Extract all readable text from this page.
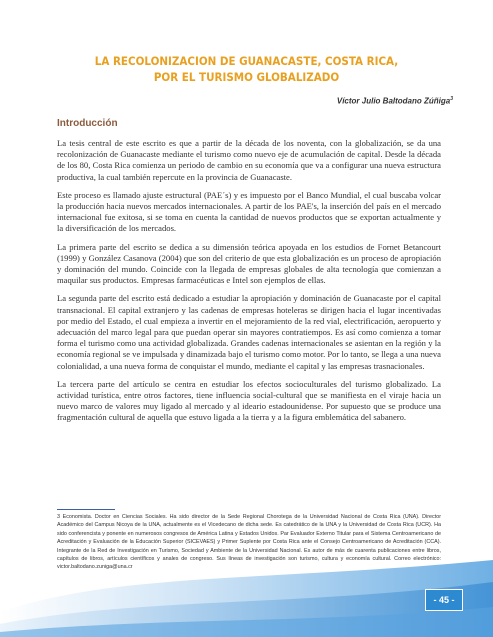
LA RECOLONIZACION DE GUANACASTE, COSTA RICA,
POR EL TURISMO GLOBALIZADO
Víctor Julio Baltodano Zúñiga$^3$
Introducción

La tesis central de este escrito es que a partir de la década de los noventa, con la globalización, se da una recolonización de Guanacaste mediante el turismo como nuevo eje de acumulación de capital. Desde la década de los 80, Costa Rica comienza un periodo de cambio en su economía que va a configurar una nueva estructura productiva, la cual también repercute en la provincia de Guanacaste.

Este proceso es llamado ajuste estructural (PAE´s) y es impuesto por el Banco Mundial, el cual buscaba volcar la producción hacia nuevos mercados internacionales. A partir de los PAE's, la inserción del país en el mercado internacional fue exitosa, si se toma en cuenta la cantidad de nuevos productos que se exportan actualmente y la diversificación de los mercados.

La primera parte del escrito se dedica a su dimensión teórica apoyada en los estudios de Fornet Betancourt (1999) y González Casanova (2004) que son del criterio de que esta globalización es un proceso de apropiación y dominación del mundo. Coincide con la llegada de empresas globales de alta tecnología que comienzan a maquilar sus productos. Empresas farmacéuticas e Intel son ejemplos de ellas.

La segunda parte del escrito está dedicado a estudiar la apropiación y dominación de Guanacaste por el capital transnacional. El capital extranjero y las cadenas de empresas hoteleras se dirigen hacia el lugar incentivadas por medio del Estado, el cual empieza a invertir en el mejoramiento de la red vial, electrificación, aeropuerto y adecuación del marco legal para que puedan operar sin mayores contratiempos. Es así como comienza a tomar forma el turismo como una actividad globalizada. Grandes cadenas internacionales se asientan en la región y la economía regional se ve impulsada y dinamizada bajo el turismo como motor. Por lo tanto, se llega a una nueva colonialidad, a una nueva forma de conquistar el mundo, mediante el capital y las empresas trasnacionales.

La tercera parte del artículo se centra en estudiar los efectos socioculturales del turismo globalizado. La actividad turística, entre otros factores, tiene influencia social-cultural que se manifiesta en el viraje hacia un nuevo marco de valores muy ligado al mercado y al ideario estadounidense. Por supuesto que se produce una fragmentación cultural de aquella que estuvo ligada a la tierra y a la figura emblemática del sabanero.

3 Economista. Doctor en Ciencias Sociales. Ha sido director de la Sede Regional Chorotega de la Universidad Nacional de Costa Rica (UNA). Director Académico del Campus Nicoya de la UNA, actualmente es el Vicedecano de dicha sede. Es catedrático de la UNA y la Universidad de Costa Rica (UCR). Ha sido conferencista y ponente en numerosos congresos de América Latina y Estados Unidos. Par Evaluador Externo Titular para el Sistema Centroamericano de Acreditación y Evaluación de la Educación Superior (SICEVAES) y Primer Suplente por Costa Rica ante el Consejo Centroamericano de Acreditación (CCA). Integrante de la Red de Investigación en Turismo, Sociedad y Ambiente de la Universidad Nacional. Es autor de más de cuarenta publicaciones entre libros, capítulos de libros, artículos científicos y anales de congreso. Sus líneas de investigación son turismo, cultura y economía cultural. Correo electrónico: victor.baltodano.zuniga@una.cr
- 45 -
